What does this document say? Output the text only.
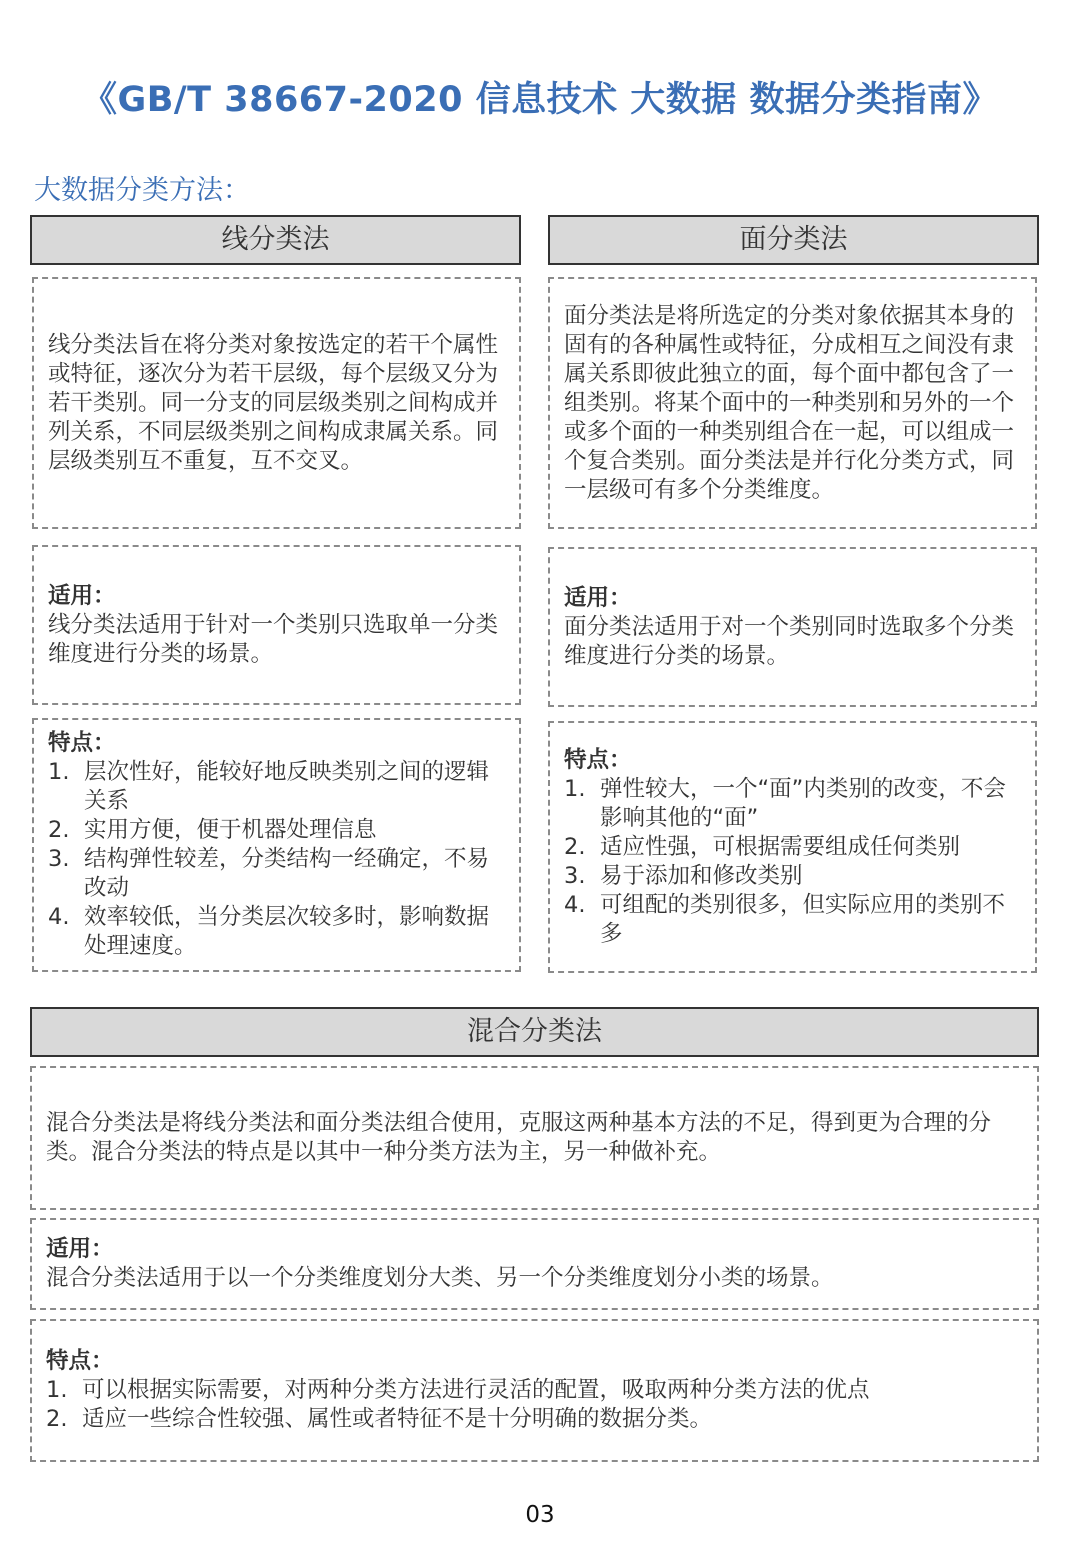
《GB/T 38667-2020 信息技术 大数据 数据分类指南》
大数据分类方法：
线分类法

线分类法旨在将分类对象按选定的若干个属性或特征，逐次分为若干层级，每个层级又分为若干类别。同一分支的同层级类别之间构成并列关系，不同层级类别之间构成隶属关系。同层级类别互不重复，互不交叉。

适用：

线分类法适用于针对一个类别只选取单一分类维度进行分类的场景。

特点：

1. 层次性好，能较好地反映类别之间的逻辑关系
2. 实用方便，便于机器处理信息
3. 结构弹性较差，分类结构一经确定，不易改动
4. 效率较低，当分类层次较多时，影响数据处理速度。
面分类法

面分类法是将所选定的分类对象依据其本身的固有的各种属性或特征，分成相互之间没有隶属关系即彼此独立的面，每个面中都包含了一组类别。将某个面中的一种类别和另外的一个或多个面的一种类别组合在一起，可以组成一个复合类别。面分类法是并行化分类方式，同一层级可有多个分类维度。

适用：

面分类法适用于对一个类别同时选取多个分类维度进行分类的场景。

特点：

1. 弹性较大，一个“面”内类别的改变，不会影响其他的“面”
2. 适应性强，可根据需要组成任何类别
3. 易于添加和修改类别
4. 可组配的类别很多，但实际应用的类别不多
混合分类法

混合分类法是将线分类法和面分类法组合使用，克服这两种基本方法的不足，得到更为合理的分

类。混合分类法的特点是以其中一种分类方法为主，另一种做补充。

适用：

混合分类法适用于以一个分类维度划分大类、另一个分类维度划分小类的场景。

特点：

1. 可以根据实际需要，对两种分类方法进行灵活的配置，吸取两种分类方法的优点
2. 适应一些综合性较强、属性或者特征不是十分明确的数据分类。
03
